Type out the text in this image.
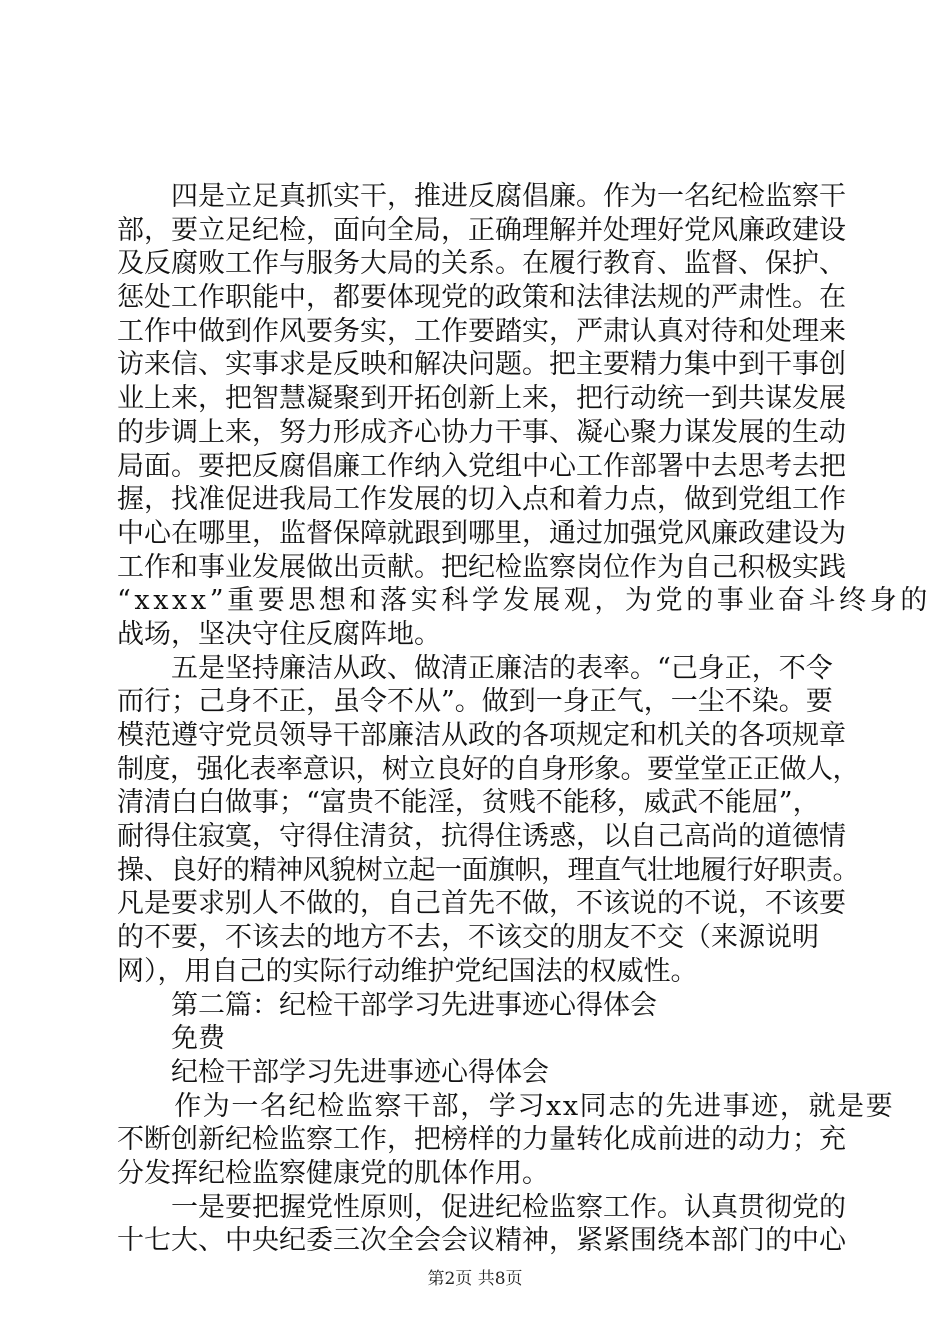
　　四是立足真抓实干，推进反腐倡廉。作为一名纪检监察干
部，要立足纪检，面向全局，正确理解并处理好党风廉政建设
及反腐败工作与服务大局的关系。在履行教育、监督、保护、
惩处工作职能中，都要体现党的政策和法律法规的严肃性。在
工作中做到作风要务实，工作要踏实，严肃认真对待和处理来
访来信、实事求是反映和解决问题。把主要精力集中到干事创
业上来，把智慧凝聚到开拓创新上来，把行动统一到共谋发展
的步调上来，努力形成齐心协力干事、凝心聚力谋发展的生动
局面。要把反腐倡廉工作纳入党组中心工作部署中去思考去把
握，找准促进我局工作发展的切入点和着力点，做到党组工作
中心在哪里，监督保障就跟到哪里，通过加强党风廉政建设为
工作和事业发展做出贡献。把纪检监察岗位作为自己积极实践
“xxxx”重要思想和落实科学发展观，为党的事业奋斗终身的
战场，坚决守住反腐阵地。
　　五是坚持廉洁从政、做清正廉洁的表率。“己身正，不令
而行；己身不正，虽令不从”。做到一身正气，一尘不染。要
模范遵守党员领导干部廉洁从政的各项规定和机关的各项规章
制度，强化表率意识，树立良好的自身形象。要堂堂正正做人，
清清白白做事；“富贵不能淫，贫贱不能移，威武不能屈”，
耐得住寂寞，守得住清贫，抗得住诱惑，以自己高尚的道德情
操、良好的精神风貌树立起一面旗帜，理直气壮地履行好职责。
凡是要求别人不做的，自己首先不做，不该说的不说，不该要
的不要，不该去的地方不去，不该交的朋友不交（来源说明
网），用自己的实际行动维护党纪国法的权威性。
　　第二篇：纪检干部学习先进事迹心得体会
　　免费
　　纪检干部学习先进事迹心得体会
　　作为一名纪检监察干部，学习xx同志的先进事迹，就是要
不断创新纪检监察工作，把榜样的力量转化成前进的动力；充
分发挥纪检监察健康党的肌体作用。
　　一是要把握党性原则，促进纪检监察工作。认真贯彻党的
十七大、中央纪委三次全会会议精神，紧紧围绕本部门的中心
第2页 共8页
